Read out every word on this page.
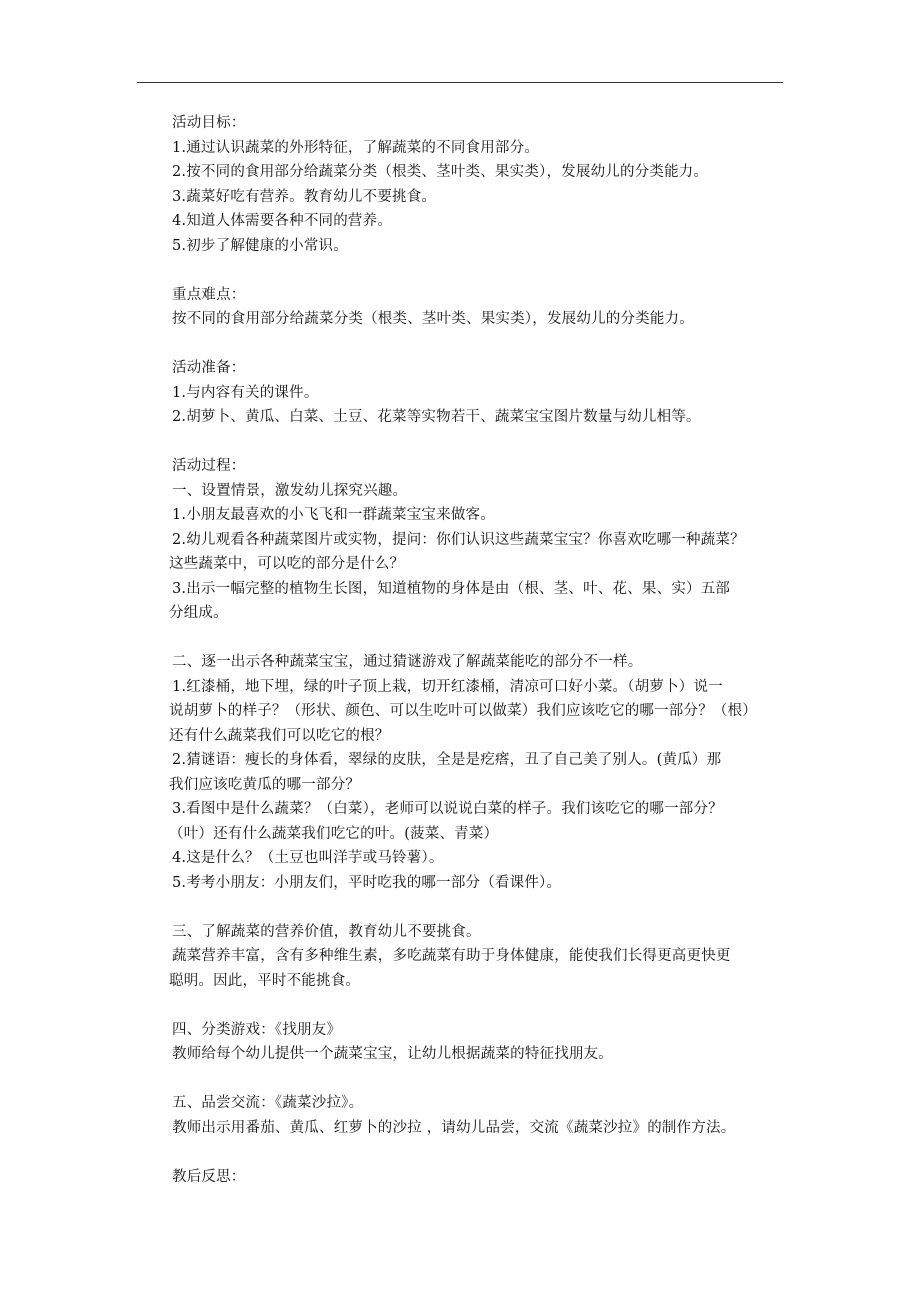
活动目标：
1.通过认识蔬菜的外形特征，了解蔬菜的不同食用部分。
2.按不同的食用部分给蔬菜分类（根类、茎叶类、果实类），发展幼儿的分类能力。
3.蔬菜好吃有营养。教育幼儿不要挑食。
4.知道人体需要各种不同的营养。
5.初步了解健康的小常识。
重点难点：
按不同的食用部分给蔬菜分类（根类、茎叶类、果实类），发展幼儿的分类能力。
活动准备：
1.与内容有关的课件。
2.胡萝卜、黄瓜、白菜、土豆、花菜等实物若干、蔬菜宝宝图片数量与幼儿相等。
活动过程：
一、设置情景，激发幼儿探究兴趣。
1.小朋友最喜欢的小飞飞和一群蔬菜宝宝来做客。
2.幼儿观看各种蔬菜图片或实物，提问：你们认识这些蔬菜宝宝？你喜欢吃哪一种蔬菜？
这些蔬菜中，可以吃的部分是什么？
3.出示一幅完整的植物生长图，知道植物的身体是由（根、茎、叶、花、果、实）五部
分组成。
二、逐一出示各种蔬菜宝宝，通过猜谜游戏了解蔬菜能吃的部分不一样。
1.红漆桶，地下埋，绿的叶子顶上栽，切开红漆桶，清凉可口好小菜。（胡萝卜）说一
说胡萝卜的样子？（形状、颜色、可以生吃叶可以做菜）我们应该吃它的哪一部分？（根）
还有什么蔬菜我们可以吃它的根？
2.猜谜语：瘦长的身体看，翠绿的皮肤，全是是疙瘩，丑了自己美了别人。(黄瓜）那
我们应该吃黄瓜的哪一部分？
3.看图中是什么蔬菜？（白菜），老师可以说说白菜的样子。我们该吃它的哪一部分？
（叶）还有什么蔬菜我们吃它的叶。(菠菜、青菜）
4.这是什么？（土豆也叫洋芋或马铃薯）。
5.考考小朋友：小朋友们，平时吃我的哪一部分（看课件）。
三、了解蔬菜的营养价值，教育幼儿不要挑食。
蔬菜营养丰富，含有多种维生素，多吃蔬菜有助于身体健康，能使我们长得更高更快更
聪明。因此，平时不能挑食。
四、分类游戏：《找朋友》
教师给每个幼儿提供一个蔬菜宝宝，让幼儿根据蔬菜的特征找朋友。
五、品尝交流：《蔬菜沙拉》。
教师出示用番茄、黄瓜、红萝卜的沙拉 ，请幼儿品尝，交流《蔬菜沙拉》的制作方法。
教后反思：
